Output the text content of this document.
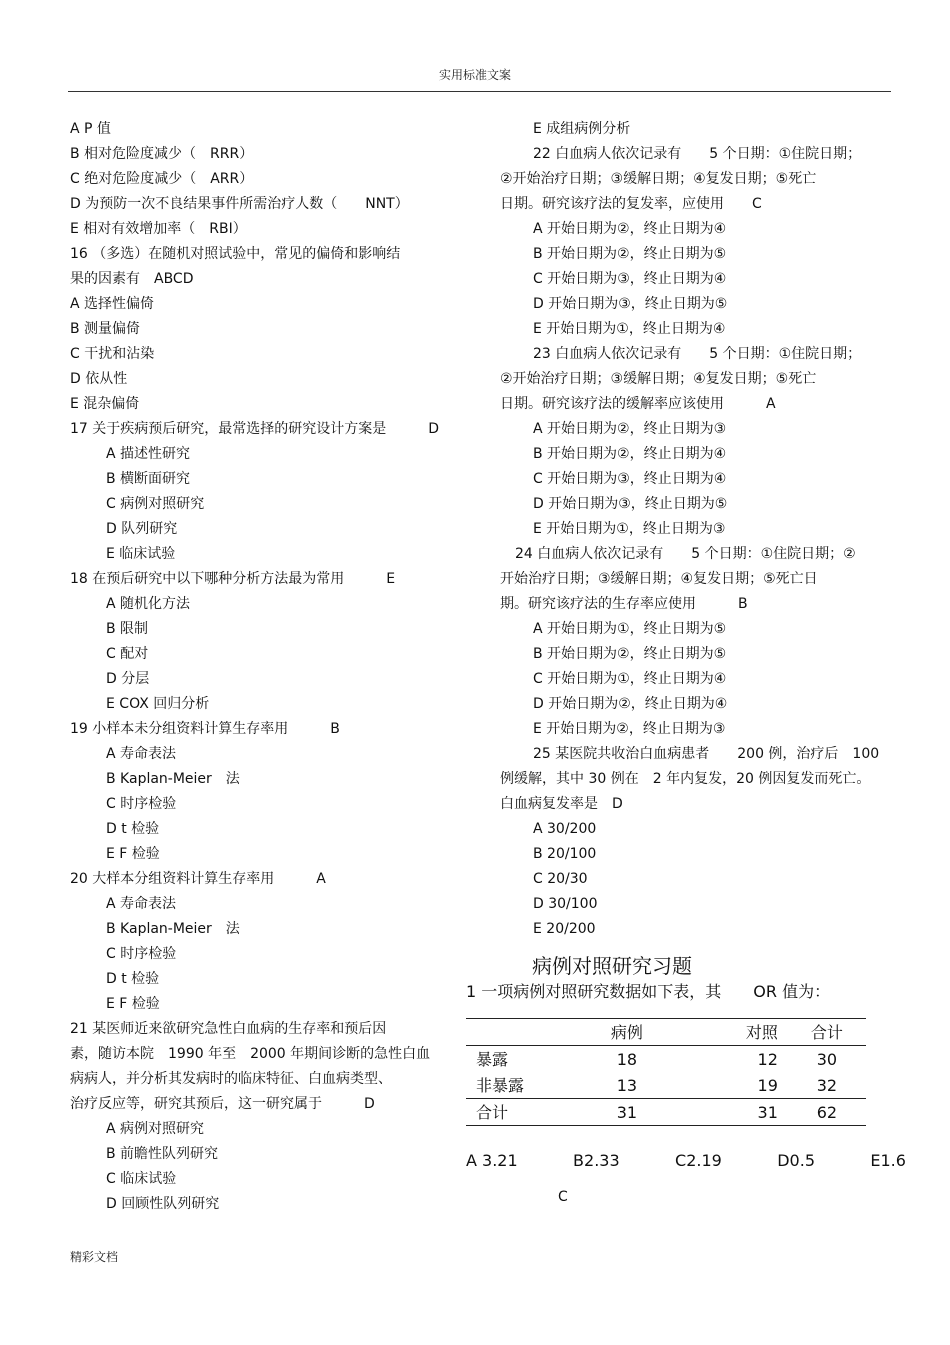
实用标准文案
A P 值
B 相对危险度减少（　RRR）
C 绝对危险度减少（　ARR）
D 为预防一次不良结果事件所需治疗人数（　　NNT）
E 相对有效增加率（　RBI）
16 （多选）在随机对照试验中，常见的偏倚和影响结
果的因素有　ABCD
A 选择性偏倚
B 测量偏倚
C 干扰和沾染
D 依从性
E 混杂偏倚
17 关于疾病预后研究，最常选择的研究设计方案是　　　D
A 描述性研究
B 横断面研究
C 病例对照研究
D 队列研究
E 临床试验
18 在预后研究中以下哪种分析方法最为常用　　　E
A 随机化方法
B 限制
C 配对
D 分层
E COX 回归分析
19 小样本未分组资料计算生存率用　　　B
A 寿命表法
B Kaplan-Meier　法
C 时序检验
D t 检验
E F 检验
20 大样本分组资料计算生存率用　　　A
A 寿命表法
B Kaplan-Meier　法
C 时序检验
D t 检验
E F 检验
21 某医师近来欲研究急性白血病的生存率和预后因
素，随访本院　1990 年至　2000 年期间诊断的急性白血
病病人，并分析其发病时的临床特征、白血病类型、
治疗反应等，研究其预后，这一研究属于　　　D
A 病例对照研究
B 前瞻性队列研究
C 临床试验
D 回顾性队列研究
E 成组病例分析
22 白血病人依次记录有　　5 个日期：①住院日期；
②开始治疗日期；③缓解日期；④复发日期；⑤死亡
日期。研究该疗法的复发率，应使用　　C
A 开始日期为②，终止日期为④
B 开始日期为②，终止日期为⑤
C 开始日期为③，终止日期为④
D 开始日期为③，终止日期为⑤
E 开始日期为①，终止日期为④
23 白血病人依次记录有　　5 个日期：①住院日期；
②开始治疗日期；③缓解日期；④复发日期；⑤死亡
日期。研究该疗法的缓解率应该使用　　　A
A 开始日期为②，终止日期为③
B 开始日期为②，终止日期为④
C 开始日期为③，终止日期为④
D 开始日期为③，终止日期为⑤
E 开始日期为①，终止日期为③
24 白血病人依次记录有　　5 个日期：①住院日期；②
开始治疗日期；③缓解日期；④复发日期；⑤死亡日
期。研究该疗法的生存率应使用　　　B
A 开始日期为①，终止日期为⑤
B 开始日期为②，终止日期为⑤
C 开始日期为①，终止日期为④
D 开始日期为②，终止日期为④
E 开始日期为②，终止日期为③
25 某医院共收治白血病患者　　200 例，治疗后　100
例缓解，其中 30 例在　2 年内复发，20 例因复发而死亡。
白血病复发率是　D
A 30/200
B 20/100
C 20/30
D 30/100
E 20/200
病例对照研究习题
1 一项病例对照研究数据如下表，其　　OR 值为：
	病例	对照	合计
暴露	18	12	30
非暴露	13	19	32
合计	31	31	62
A 3.21	B2.33	C2.19	D0.5	E1.6
C
精彩文档
